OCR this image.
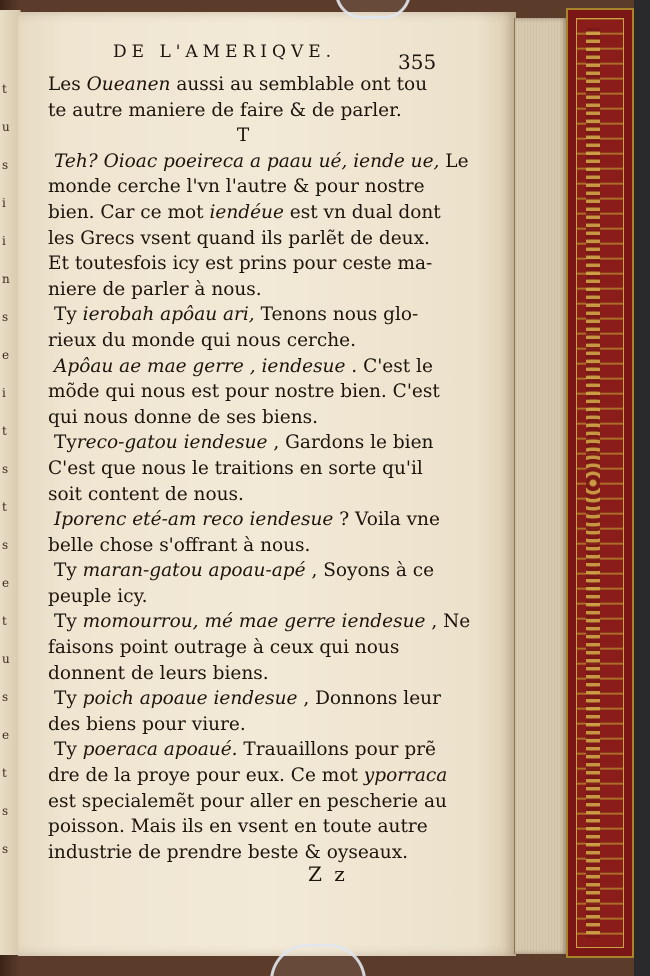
t
u
s
i
i
n
s
e
i
t
s
t
s
e
t
u
s
e
t
s
s
DE L'AMERIQVE.	355
Les Oueanen aussi au semblable ont tou
te autre maniere de faire & de parler.
T
Teh? Oioac poeireca a paau ué, iende ue, Le
monde cerche l'vn l'autre & pour nostre
bien. Car ce mot iendéue est vn dual dont
les Grecs vsent quand ils parlẽt de deux.
Et toutesfois icy est prins pour ceste ma-
niere de parler à nous.
Ty ierobah apôau ari, Tenons nous glo-
rieux du monde qui nous cerche.
Apôau ae mae gerre , iendesue . C'est le
mõde qui nous est pour nostre bien. C'est
qui nous donne de ses biens.
Tyreco-gatou iendesue , Gardons le bien
C'est que nous le traitions en sorte qu'il
soit content de nous.
Iporenc eté-am reco iendesue ? Voila vne
belle chose s'offrant à nous.
Ty maran-gatou apoau-apé , Soyons à ce
peuple icy.
Ty momourrou, mé mae gerre iendesue , Ne
faisons point outrage à ceux qui nous
donnent de leurs biens.
Ty poich apoaue iendesue , Donnons leur
des biens pour viure.
Ty poeraca apoaué. Trauaillons pour prẽ
dre de la proye pour eux. Ce mot yporraca
est specialemẽt pour aller en pescherie au
poisson. Mais ils en vsent en toute autre
industrie de prendre beste & oyseaux.
Z z
